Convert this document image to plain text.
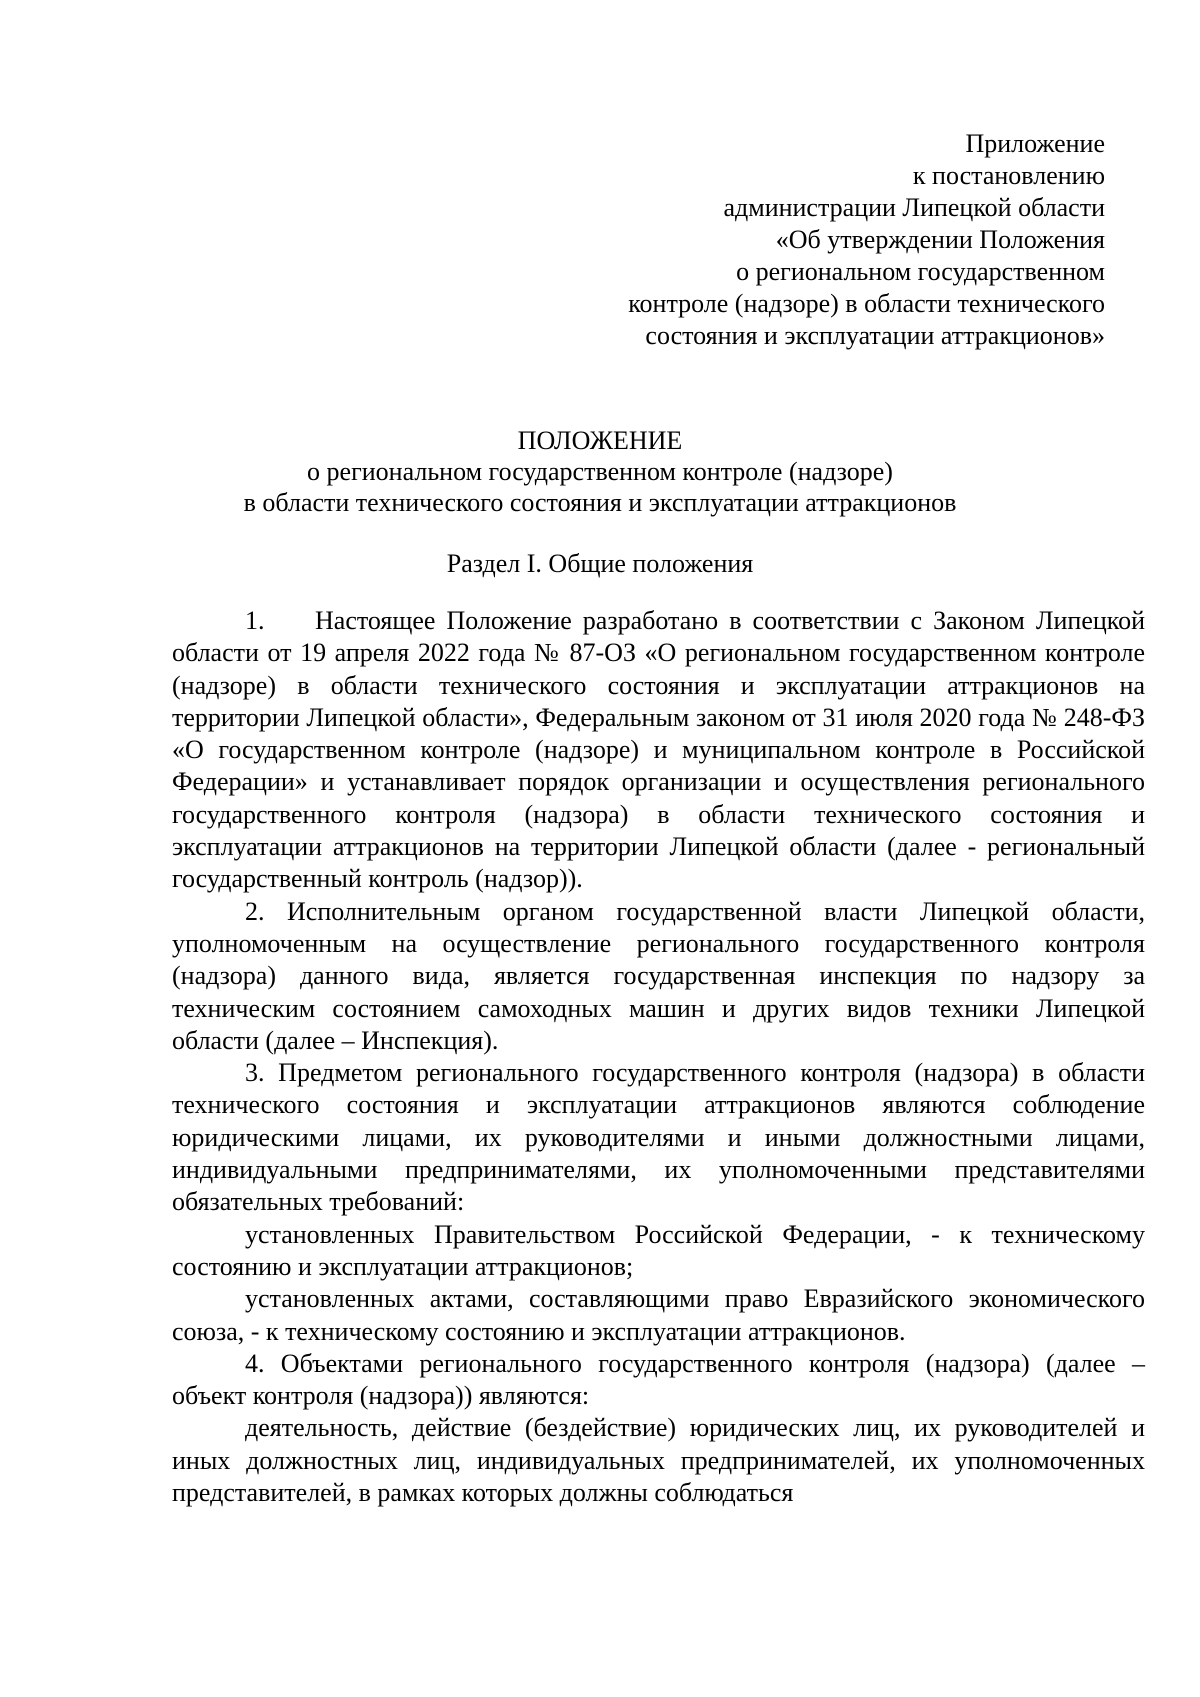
Приложение
к постановлению
администрации Липецкой области
«Об утверждении Положения
о региональном государственном
контроле (надзоре) в области технического
состояния и эксплуатации аттракционов»
ПОЛОЖЕНИЕ
о региональном государственном контроле (надзоре)
в области технического состояния и эксплуатации аттракционов
Раздел I. Общие положения

1. Настоящее Положение разработано в соответствии с Законом Липецкой области от 19 апреля 2022 года № 87-ОЗ «О региональном государственном контроле (надзоре) в области технического состояния и эксплуатации аттракционов на территории Липецкой области», Федеральным законом от 31 июля 2020 года № 248-ФЗ «О государственном контроле (надзоре) и муниципальном контроле в Российской Федерации» и устанавливает порядок организации и осуществления регионального государственного контроля (надзора) в области технического состояния и эксплуатации аттракционов на территории Липецкой области (далее - региональный государственный контроль (надзор)).

2. Исполнительным органом государственной власти Липецкой области, уполномоченным на осуществление регионального государственного контроля (надзора) данного вида, является государственная инспекция по надзору за техническим состоянием самоходных машин и других видов техники Липецкой области (далее – Инспекция).

3. Предметом регионального государственного контроля (надзора) в области технического состояния и эксплуатации аттракционов являются соблюдение юридическими лицами, их руководителями и иными должностными лицами, индивидуальными предпринимателями, их уполномоченными представителями обязательных требований:

установленных Правительством Российской Федерации, - к техническому состоянию и эксплуатации аттракционов;

установленных актами, составляющими право Евразийского экономического союза, - к техническому состоянию и эксплуатации аттракционов.

4. Объектами регионального государственного контроля (надзора) (далее – объект контроля (надзора)) являются:

деятельность, действие (бездействие) юридических лиц, их руководителей и иных должностных лиц, индивидуальных предпринимателей, их уполномоченных представителей, в рамках которых должны соблюдаться
